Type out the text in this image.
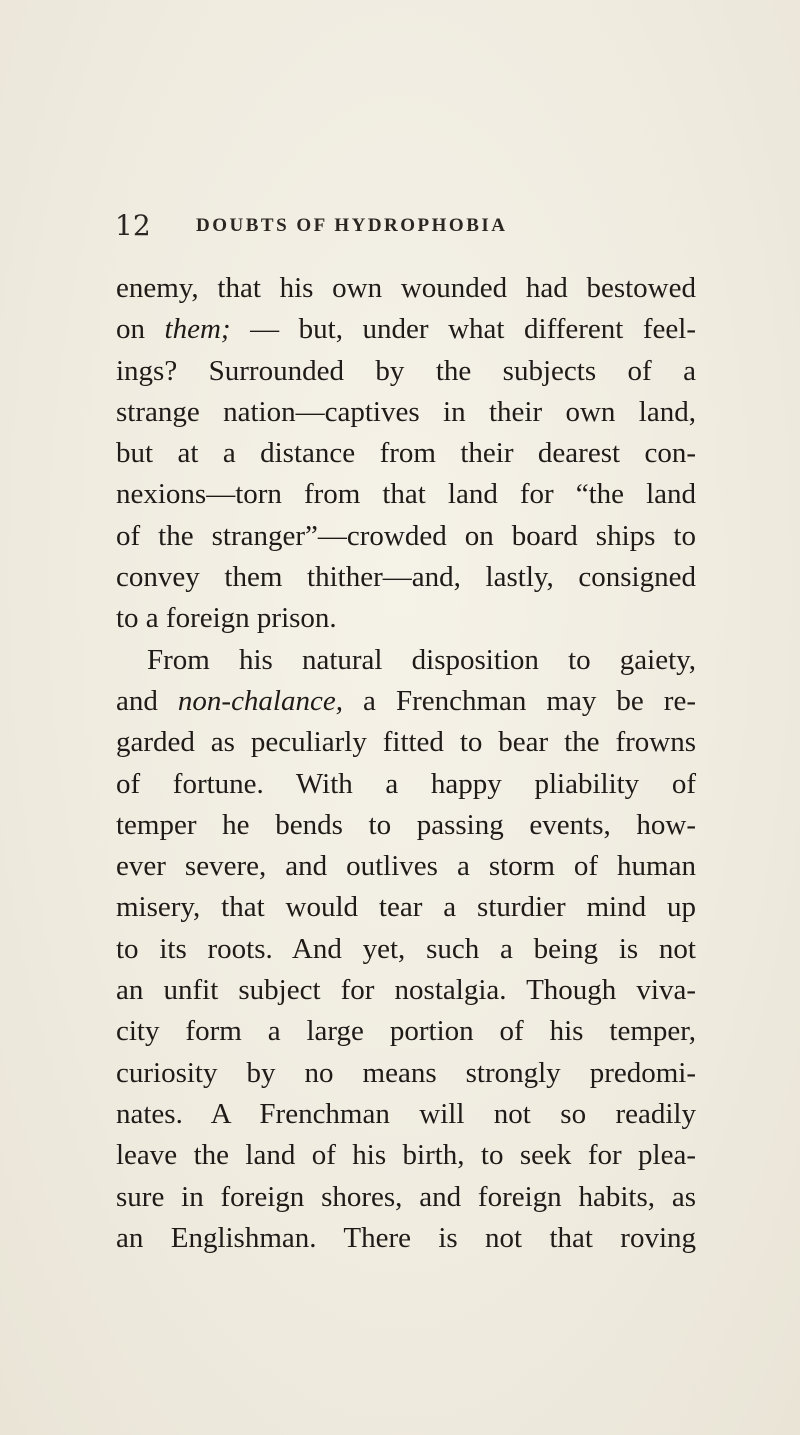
12 DOUBTS OF HYDROPHOBIA
enemy, that his own wounded had bestowed
on them; — but, under what different feel-
ings? Surrounded by the subjects of a
strange nation—captives in their own land,
but at a distance from their dearest con-
nexions—torn from that land for “the land
of the stranger”—crowded on board ships to
convey them thither—and, lastly, consigned
to a foreign prison.
From his natural disposition to gaiety,
and non-chalance, a Frenchman may be re-
garded as peculiarly fitted to bear the frowns
of fortune. With a happy pliability of
temper he bends to passing events, how-
ever severe, and outlives a storm of human
misery, that would tear a sturdier mind up
to its roots. And yet, such a being is not
an unfit subject for nostalgia. Though viva-
city form a large portion of his temper,
curiosity by no means strongly predomi-
nates. A Frenchman will not so readily
leave the land of his birth, to seek for plea-
sure in foreign shores, and foreign habits, as
an Englishman. There is not that roving
